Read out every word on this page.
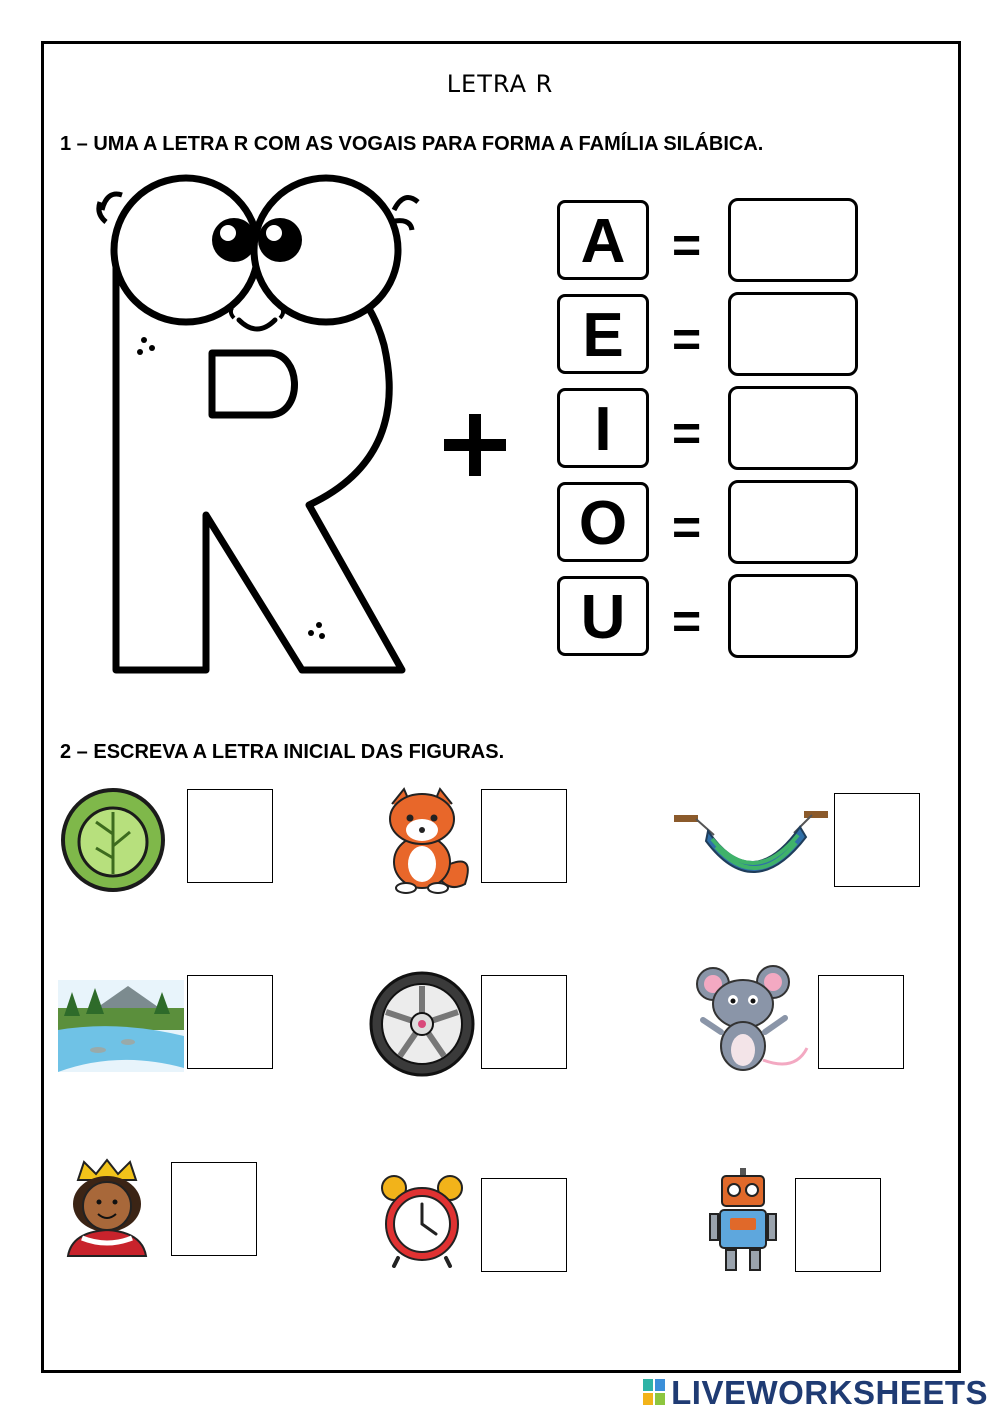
LETRA R
1 – UMA A LETRA R COM AS VOGAIS PARA FORMA A FAMÍLIA SILÁBICA.
A =
E =
I	=
O =
U =
2 – ESCREVA A LETRA INICIAL DAS FIGURAS.
LIVEWORKSHEETS
